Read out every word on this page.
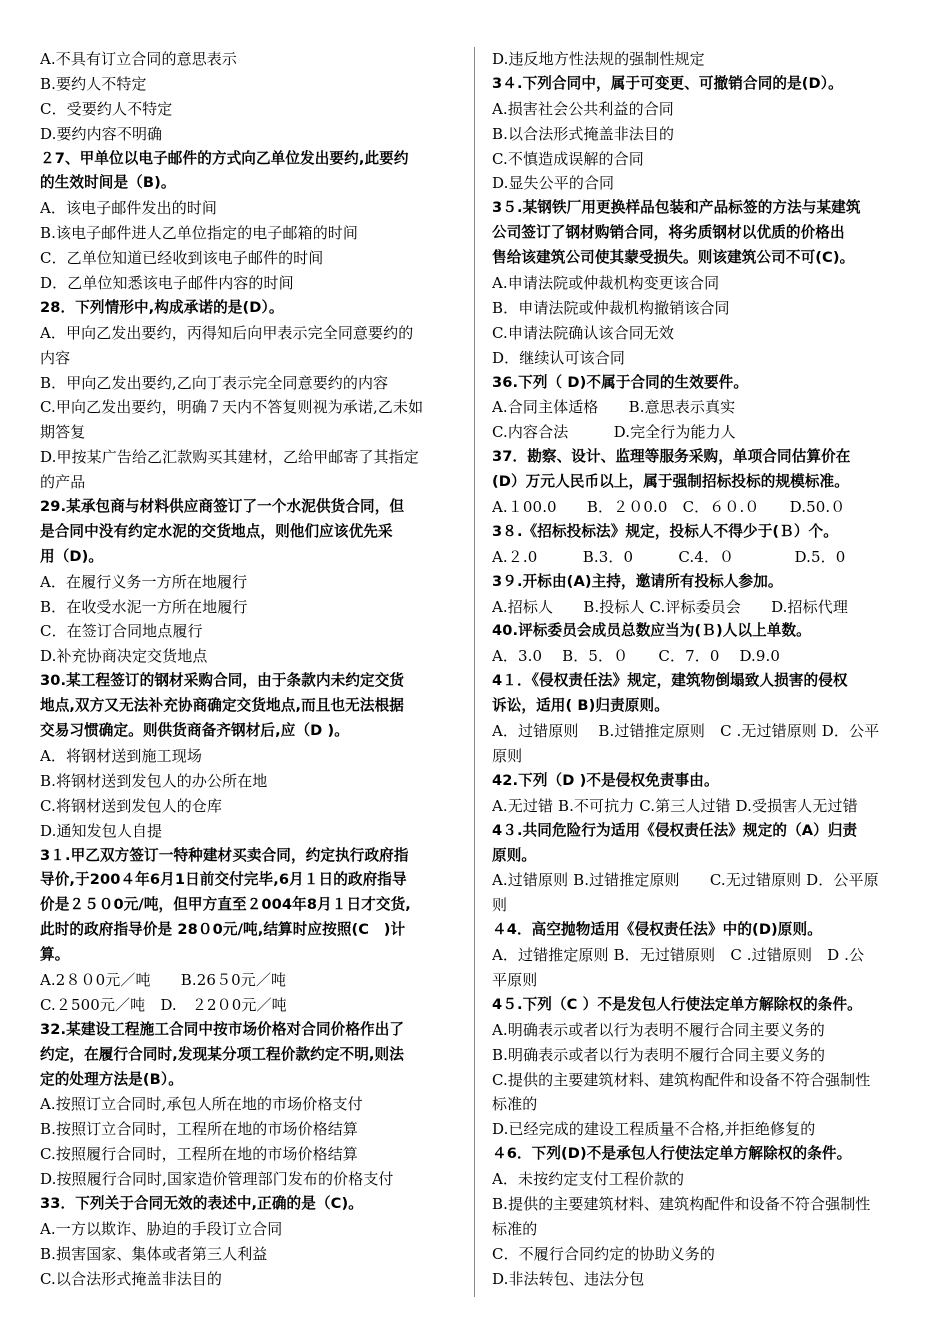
A.不具有订立合同的意思表示
B.要约人不特定
C．受要约人不特定
D.要约内容不明确
２7、甲单位以电子邮件的方式向乙单位发出要约,此要约
的生效时间是（B)。
A．该电子邮件发出的时间
B.该电子邮件进人乙单位指定的电子邮箱的时间
C．乙单位知道已经收到该电子邮件的时间
D．乙单位知悉该电子邮件内容的时间
28．下列情形中,构成承诺的是(D）。
A．甲向乙发出要约，丙得知后向甲表示完全同意要约的
内容
B．甲向乙发出要约,乙向丁表示完全同意要约的内容
C.甲向乙发出要约，明确７天内不答复则视为承诺,乙未如
期答复
D.甲按某广告给乙汇款购买其建材，乙给甲邮寄了其指定
的产品
29.某承包商与材料供应商签订了一个水泥供货合同，但
是合同中没有约定水泥的交货地点，则他们应该优先采
用（D)。
A．在履行义务一方所在地履行
B．在收受水泥一方所在地履行
C．在签订合同地点履行
D.补充协商决定交货地点
30.某工程签订的钢材采购合同，由于条款内未约定交货
地点,双方又无法补充协商确定交货地点,而且也无法根据
交易习惯确定。则供货商备齐钢材后,应（D )。
A．将钢材送到施工现场
B.将钢材送到发包人的办公所在地
C.将钢材送到发包人的仓库
D.通知发包人自提
3１.甲乙双方签订一特种建材买卖合同，约定执行政府指
导价,于200４年6月1日前交付完毕,6月１日的政府指导
价是２５０0元/吨，但甲方直至２004年8月１日才交货,
此时的政府指导价是 28０0元/吨,结算时应按照(C　)计
算。
A.2８０0元／吨　　B.26５0元／吨
C.２500元／吨　D.　２2０0元／吨
32.某建设工程施工合同中按市场价格对合同价格作出了
约定，在履行合同时,发现某分项工程价款约定不明,则法
定的处理方法是(B）。
A.按照订立合同时,承包人所在地的市场价格支付
B.按照订立合同时，工程所在地的市场价格结算
C.按照履行合同时，工程所在地的市场价格结算
D.按照履行合同时,国家造价管理部门发布的价格支付
33．下列关于合同无效的表述中,正确的是（C)。
A.一方以欺诈、胁迫的手段订立合同
B.损害国家、集体或者第三人利益
C.以合法形式掩盖非法目的
D.违反地方性法规的强制性规定
3４.下列合同中，属于可变更、可撤销合同的是(D）。
A.损害社会公共利益的合同
B.以合法形式掩盖非法目的
C.不慎造成误解的合同
D.显失公平的合同
3５.某钢铁厂用更换样品包装和产品标签的方法与某建筑
公司签订了钢材购销合同，将劣质钢材以优质的价格出
售给该建筑公司使其蒙受损失。则该建筑公司不可(C)。
A.申请法院或仲裁机构变更该合同
B．申请法院或仲裁机构撤销该合同
C.申请法院确认该合同无效
D．继续认可该合同
36.下列（ D)不属于合同的生效要件。
A.合同主体适格　　B.意思表示真实
C.内容合法　　　D.完全行为能力人
37．勘察、设计、监理等服务采购，单项合同估算价在
(D）万元人民币以上，属于强制招标投标的规模标准。
A.１00.0　　B．２０0.0　C．６０.０　　D.50.０
3８.《招标投标法》规定，投标人不得少于(Ｂ）个。
A.２.0　　　B.3．0　　　C.4．０　　　　D.5．0
3９.开标由(A)主持，邀请所有投标人参加。
A.招标人　　B.投标人 C.评标委员会　　D.招标代理
40.评标委员会成员总数应当为(Ｂ)人以上单数。
A．3.0　 B．5．０　　C．7．0　 D.9.0
4１．《侵权责任法》规定，建筑物倒塌致人损害的侵权
诉讼，适用( B)归责原则。
A．过错原则　 B.过错推定原则　C .无过错原则 D．公平
原则
42.下列（D )不是侵权免责事由。
A.无过错 B.不可抗力 C.第三人过错 D.受损害人无过错
4３.共同危险行为适用《侵权责任法》规定的（A）归责
原则。
A.过错原则 B.过错推定原则　　C.无过错原则 D．公平原
则
４4．高空抛物适用《侵权责任法》中的(D)原则。
A．过错推定原则 B．无过错原则　C .过错原则　D .公
平原则
4５.下列（C ）不是发包人行使法定单方解除权的条件。
A.明确表示或者以行为表明不履行合同主要义务的
B.明确表示或者以行为表明不履行合同主要义务的
C.提供的主要建筑材料、建筑构配件和设备不符合强制性
标准的
D.已经完成的建设工程质量不合格,并拒绝修复的
４6．下列(D)不是承包人行使法定单方解除权的条件。
A．未按约定支付工程价款的
B.提供的主要建筑材料、建筑构配件和设备不符合强制性
标准的
C．不履行合同约定的协助义务的
D.非法转包、违法分包
